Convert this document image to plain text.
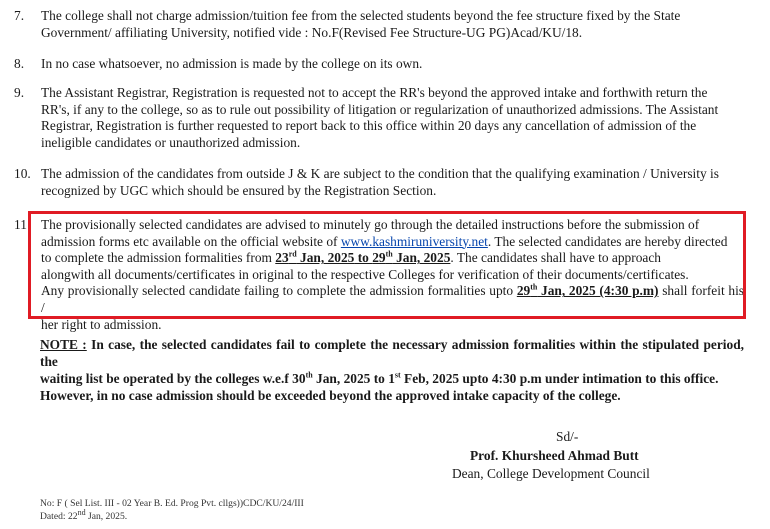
7.	The college shall not charge admission/tuition fee from the selected students beyond the fee structure fixed by the State

Government/ affiliating University, notified vide : No.F(Revised Fee Structure-UG PG)Acad/KU/18.

8.	In no case whatsoever, no admission is made by the college on its own.

9.	The Assistant Registrar, Registration is requested not to accept the RR's beyond the approved intake and forthwith return the

RR's, if any to the college, so as to rule out possibility of litigation or regularization of unauthorized admissions. The Assistant

Registrar, Registration is further requested to report back to this office within 20 days any cancellation of admission of the

ineligible candidates or unauthorized admission.

10. The admission of the candidates from outside J & K are subject to the condition that the qualifying examination / University is

recognized by UGC which should be ensured by the Registration Section.

11	The provisionally selected candidates are advised to minutely go through the detailed instructions before the submission of

admission forms etc available on the official website of www.kashmiruniversity.net. The selected candidates are hereby directed

to complete the admission formalities from 23rd Jan, 2025 to 29th Jan, 2025. The candidates shall have to approach

alongwith all documents/certificates in original to the respective Colleges for verification of their documents/certificates.

Any provisionally selected candidate failing to complete the admission formalities upto 29th Jan, 2025 (4:30 p.m) shall forfeit his /

her right to admission.

NOTE : In case, the selected candidates fail to complete the necessary admission formalities within the stipulated period, the
waiting list be operated by the colleges w.e.f 30th Jan, 2025 to 1st Feb, 2025 upto 4:30 p.m under intimation to this office.
However, in no case admission should be exceeded beyond the approved intake capacity of the college.
Sd/-
Prof. Khursheed Ahmad Butt
Dean, College Development Council
No: F ( Sel List. III - 02 Year B. Ed. Prog Pvt. cllgs))CDC/KU/24/III
Dated: 22nd Jan, 2025.
